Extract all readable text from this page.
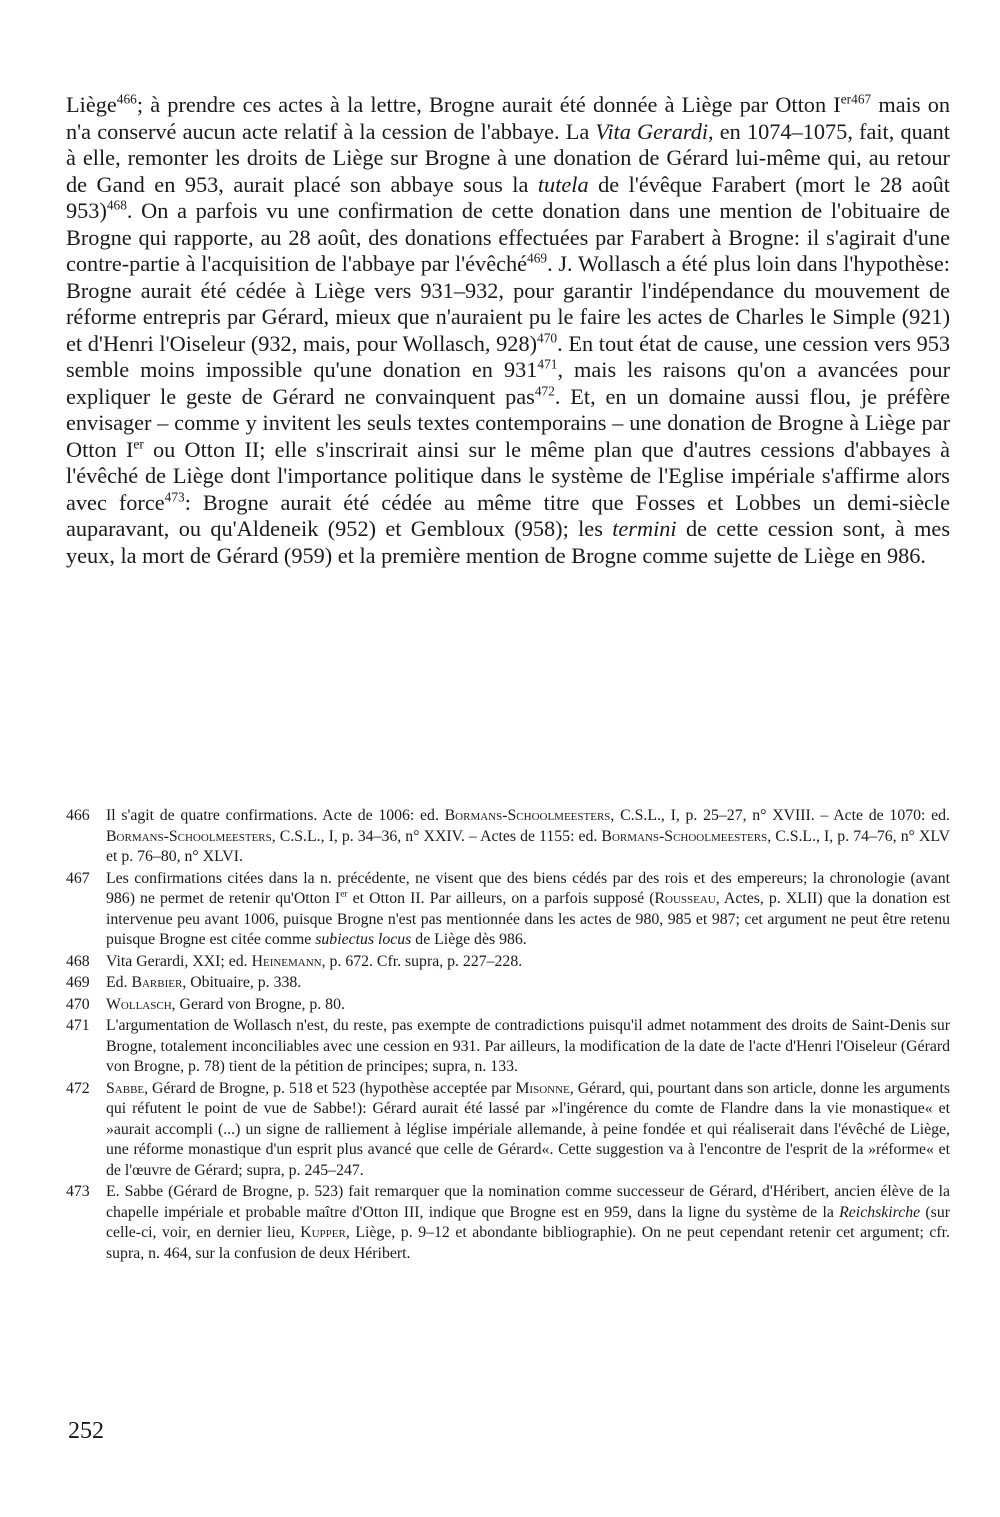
Liège$^{466}$; à prendre ces actes à la lettre, Brogne aurait été donnée à Liège par Otton $I^{er467}$ mais on n'a conservé aucun acte relatif à la cession de l'abbaye. La Vita Gerardi, en 1074–1075, fait, quant à elle, remonter les droits de Liège sur Brogne à une donation de Gérard lui-même qui, au retour de Gand en 953, aurait placé son abbaye sous la tutela de l'évêque Farabert (mort le 28 août 953)$^{468}$. On a parfois vu une confirmation de cette donation dans une mention de l'obituaire de Brogne qui rapporte, au 28 août, des donations effectuées par Farabert à Brogne: il s'agirait d'une contre-partie à l'acquisition de l'abbaye par l'évêché$^{469}$. J. Wollasch a été plus loin dans l'hypothèse: Brogne aurait été cédée à Liège vers 931–932, pour garantir l'indépendance du mouvement de réforme entrepris par Gérard, mieux que n'auraient pu le faire les actes de Charles le Simple (921) et d'Henri l'Oiseleur (932, mais, pour Wollasch, 928)$^{470}$. En tout état de cause, une cession vers 953 semble moins impossible qu'une donation en $931^{471}$, mais les raisons qu'on a avancées pour expliquer le geste de Gérard ne convainquent pas$^{472}$. Et, en un domaine aussi flou, je préfère envisager – comme y invitent les seuls textes contemporains – une donation de Brogne à Liège par Otton Ier ou Otton II; elle s'inscrirait ainsi sur le même plan que d'autres cessions d'abbayes à l'évêché de Liège dont l'importance politique dans le système de l'Eglise impériale s'affirme alors avec force$^{473}$: Brogne aurait été cédée au même titre que Fosses et Lobbes un demi-siècle auparavant, ou qu'Aldeneik (952) et Gembloux (958); les termini de cette cession sont, à mes yeux, la mort de Gérard (959) et la première mention de Brogne comme sujette de Liège en 986.

466 Il s'agit de quatre confirmations. Acte de 1006: ed. Bormans-Schoolmeesters, C.S.L., I, p. 25–27, n° XVIII. – Acte de 1070: ed. Bormans-Schoolmeesters, C.S.L., I, p. 34–36, n° XXIV. – Actes de 1155: ed. Bormans-Schoolmeesters, C.S.L., I, p. 74–76, n° XLV et p. 76–80, n° XLVI.
467 Les confirmations citées dans la n. précédente, ne visent que des biens cédés par des rois et des empereurs; la chronologie (avant 986) ne permet de retenir qu'Otton Ier et Otton II. Par ailleurs, on a parfois supposé (Rousseau, Actes, p. XLII) que la donation est intervenue peu avant 1006, puisque Brogne n'est pas mentionnée dans les actes de 980, 985 et 987; cet argument ne peut être retenu puisque Brogne est citée comme subiectus locus de Liège dès 986.
468 Vita Gerardi, XXI; ed. Heinemann, p. 672. Cfr. supra, p. 227–228.
469 Ed. Barbier, Obituaire, p. 338.
470 Wollasch, Gerard von Brogne, p. 80.
471 L'argumentation de Wollasch n'est, du reste, pas exempte de contradictions puisqu'il admet notamment des droits de Saint-Denis sur Brogne, totalement inconciliables avec une cession en 931. Par ailleurs, la modification de la date de l'acte d'Henri l'Oiseleur (Gérard von Brogne, p. 78) tient de la pétition de principes; supra, n. 133.
472 Sabbe, Gérard de Brogne, p. 518 et 523 (hypothèse acceptée par Misonne, Gérard, qui, pourtant dans son article, donne les arguments qui réfutent le point de vue de Sabbe!): Gérard aurait été lassé par »l'ingérence du comte de Flandre dans la vie monastique« et »aurait accompli (...) un signe de ralliement à léglise impériale allemande, à peine fondée et qui réaliserait dans l'évêché de Liège, une réforme monastique d'un esprit plus avancé que celle de Gérard«. Cette suggestion va à l'encontre de l'esprit de la »réforme« et de l'œuvre de Gérard; supra, p. 245–247.
473 E. Sabbe (Gérard de Brogne, p. 523) fait remarquer que la nomination comme successeur de Gérard, d'Héribert, ancien élève de la chapelle impériale et probable maître d'Otton III, indique que Brogne est en 959, dans la ligne du système de la Reichskirche (sur celle-ci, voir, en dernier lieu, Kupper, Liège, p. 9–12 et abondante bibliographie). On ne peut cependant retenir cet argument; cfr. supra, n. 464, sur la confusion de deux Héribert.
252
